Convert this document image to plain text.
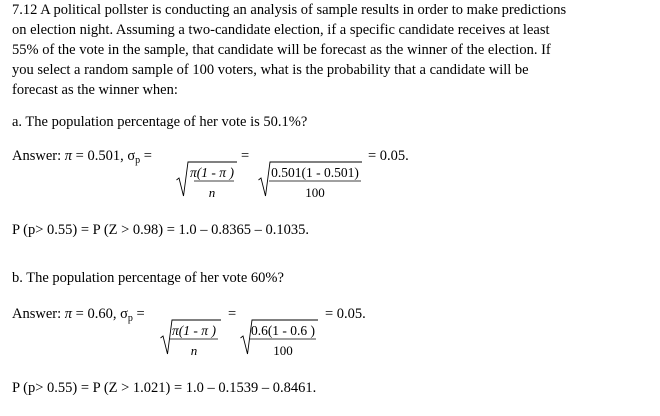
7.12 A political pollster is conducting an analysis of sample results in order to make predictions

on election night. Assuming a two-candidate election, if a specific candidate receives at least

55% of the vote in the sample, that candidate will be forecast as the winner of the election. If

you select a random sample of 100 voters, what is the probability that a candidate will be

forecast as the winner when:

a. The population percentage of her vote is 50.1%?
Answer: π = 0.501, $\sigma_p$ =	=
π(1 - π )
n
0.501(1 - 0.501)
100
= 0.05.
P (p> 0.55) = P (Z > 0.98) = 1.0 – 0.8365 – 0.1035.
b. The population percentage of her vote 60%?
Answer: π = 0.60, $\sigma_p$ =	=
π(1 - π )
n
0.6(1 - 0.6 )
100
= 0.05.
P (p> 0.55) = P (Z > 1.021) = 1.0 – 0.1539 – 0.8461.
